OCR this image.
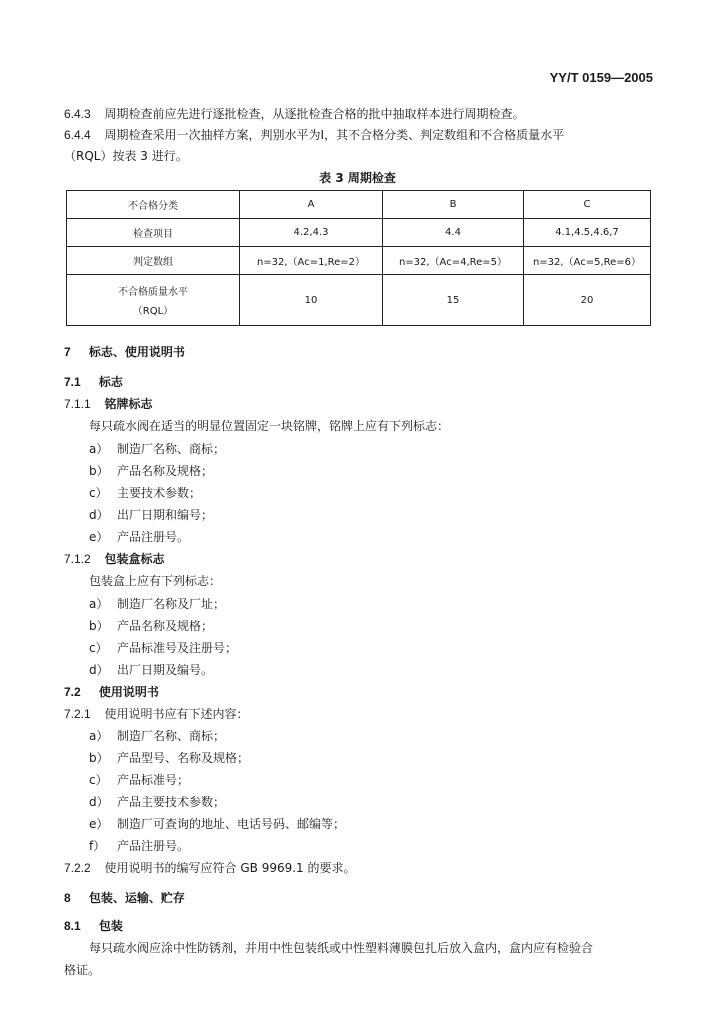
YY/T 0159—2005
6.4.3 周期检查前应先进行逐批检查，从逐批检查合格的批中抽取样本进行周期检查。
6.4.4 周期检查采用一次抽样方案，判别水平为Ⅰ，其不合格分类、判定数组和不合格质量水平
（RQL）按表 3 进行。
表 3 周期检查
不合格分类	A	B	C
检查项目	4.2,4.3	4.4	4.1,4.5,4.6,7
判定数组	n=32,（Ac=1,Re=2）	n=32,（Ac=4,Re=5）	n=32,（Ac=5,Re=6）
不合格质量水平
（RQL）	10	15	20
7 标志、使用说明书
7.1 标志
7.1.1 铭牌标志
每只疏水阀在适当的明显位置固定一块铭牌，铭牌上应有下列标志：
a） 制造厂名称、商标；
b） 产品名称及规格；
c） 主要技术参数；
d） 出厂日期和编号；
e） 产品注册号。
7.1.2 包装盒标志
包装盒上应有下列标志：
a） 制造厂名称及厂址；
b） 产品名称及规格；
c） 产品标准号及注册号；
d） 出厂日期及编号。
7.2 使用说明书
7.2.1 使用说明书应有下述内容：
a） 制造厂名称、商标；
b） 产品型号、名称及规格；
c） 产品标准号；
d） 产品主要技术参数；
e） 制造厂可查询的地址、电话号码、邮编等；
f） 产品注册号。
7.2.2 使用说明书的编写应符合 GB 9969.1 的要求。
8 包装、运输、贮存
8.1 包装
每只疏水阀应涂中性防锈剂，并用中性包装纸或中性塑料薄膜包扎后放入盒内，盒内应有检验合
格证。
